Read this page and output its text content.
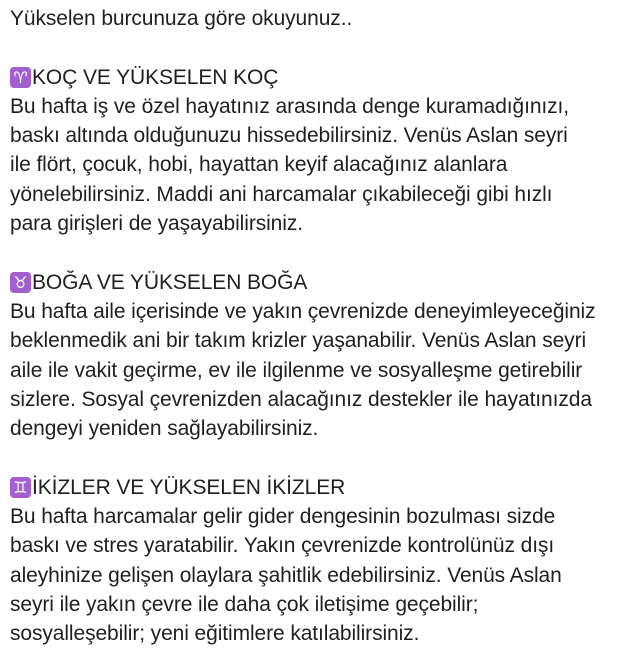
Yükselen burcunuza göre okuyunuz..
♈ KOÇ VE YÜKSELEN KOÇ
Bu hafta iş ve özel hayatınız arasında denge kuramadığınızı,
baskı altında olduğunuzu hissedebilirsiniz. Venüs Aslan seyri
ile flört, çocuk, hobi, hayattan keyif alacağınız alanlara
yönelebilirsiniz. Maddi ani harcamalar çıkabileceği gibi hızlı
para girişleri de yaşayabilirsiniz.
♉ BOĞA VE YÜKSELEN BOĞA
Bu hafta aile içerisinde ve yakın çevrenizde deneyimleyeceğiniz
beklenmedik ani bir takım krizler yaşanabilir. Venüs Aslan seyri
aile ile vakit geçirme, ev ile ilgilenme ve sosyalleşme getirebilir
sizlere. Sosyal çevrenizden alacağınız destekler ile hayatınızda
dengeyi yeniden sağlayabilirsiniz.
♊ İKİZLER VE YÜKSELEN İKİZLER
Bu hafta harcamalar gelir gider dengesinin bozulması sizde
baskı ve stres yaratabilir. Yakın çevrenizde kontrolünüz dışı
aleyhinize gelişen olaylara şahitlik edebilirsiniz. Venüs Aslan
seyri ile yakın çevre ile daha çok iletişime geçebilir;
sosyalleşebilir; yeni eğitimlere katılabilirsiniz.
